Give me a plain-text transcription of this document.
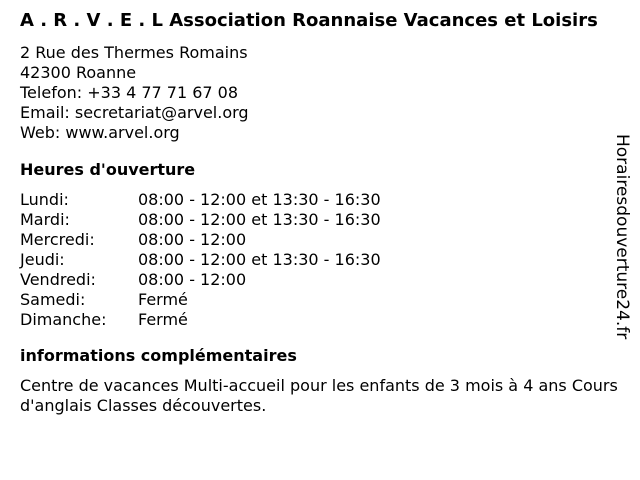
A . R . V . E . L Association Roannaise Vacances et Loisirs
2 Rue des Thermes Romains
42300 Roanne
Telefon: +33 4 77 71 67 08
Email: secretariat@arvel.org
Web: www.arvel.org
Heures d'ouverture
Lundi:	08:00 - 12:00 et 13:30 - 16:30
Mardi:	08:00 - 12:00 et 13:30 - 16:30
Mercredi:	08:00 - 12:00
Jeudi:	08:00 - 12:00 et 13:30 - 16:30
Vendredi:	08:00 - 12:00
Samedi:	Fermé
Dimanche:	Fermé
informations complémentaires
Centre de vacances Multi-accueil pour les enfants de 3 mois à 4 ans Cours d'anglais Classes découvertes.
Horairesdouverture24.fr
